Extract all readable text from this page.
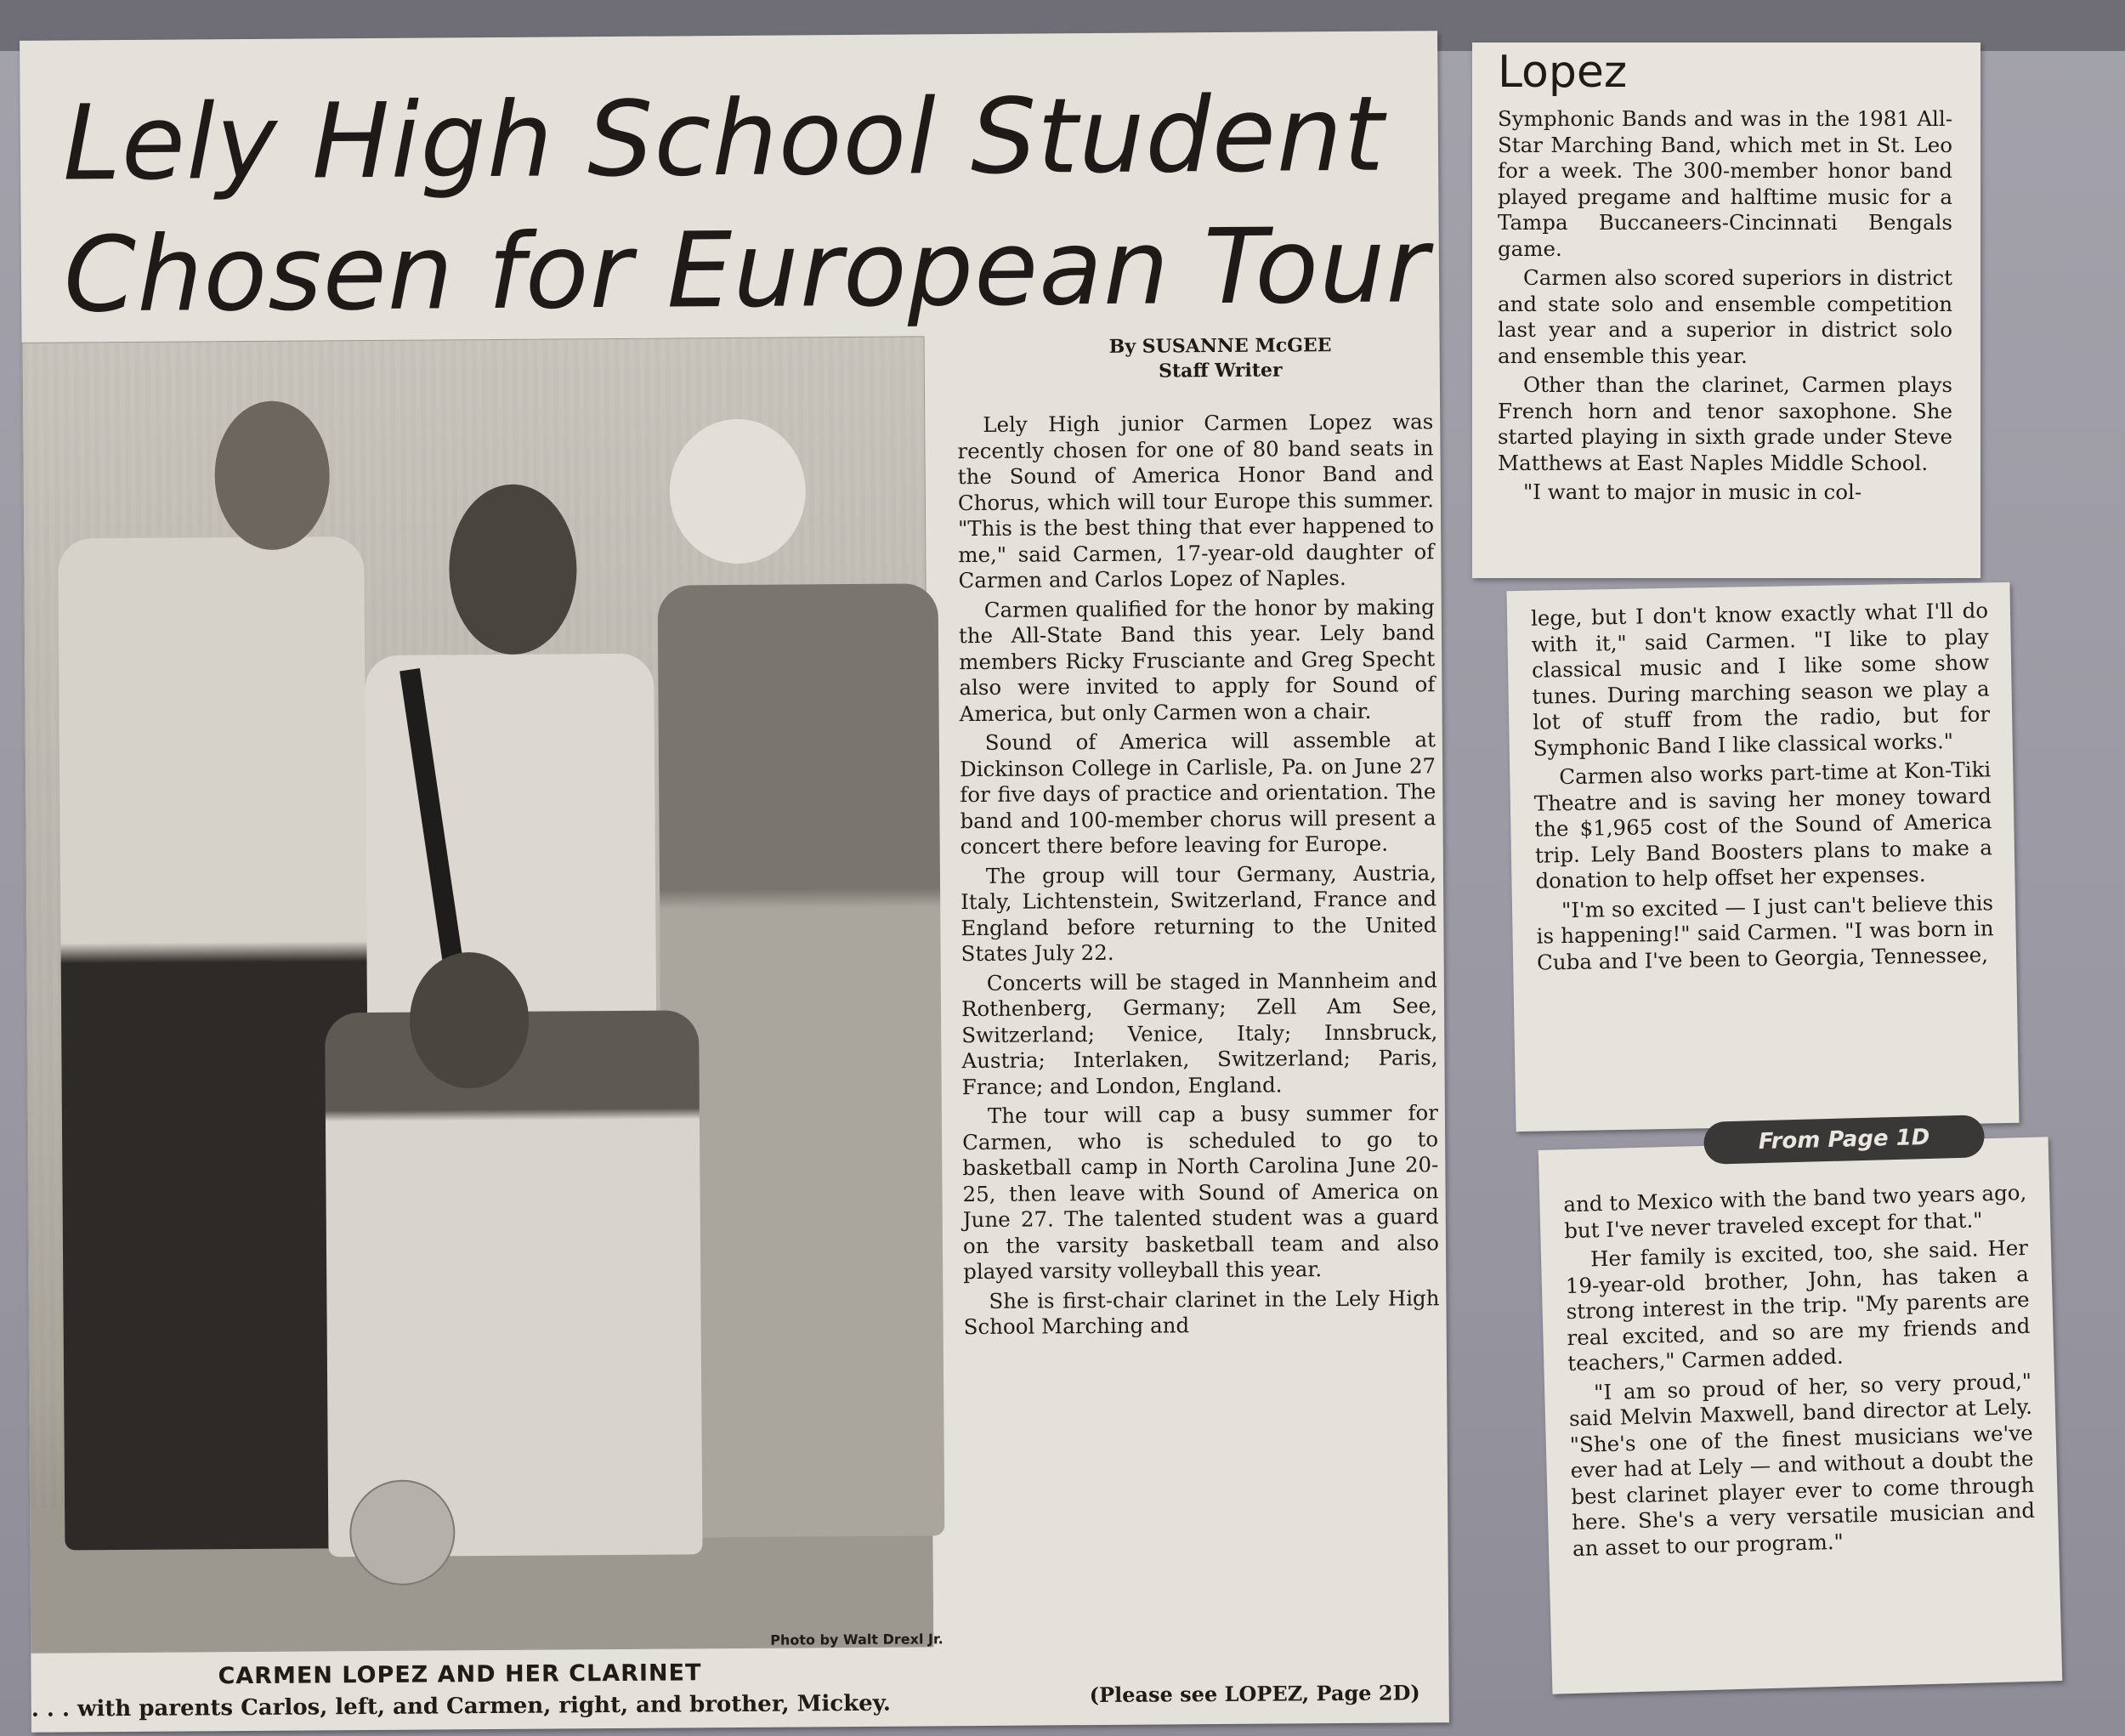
Lely High School Student
Chosen for European Tour
Photo by Walt Drexl Jr.
CARMEN LOPEZ AND HER CLARINET
. . . with parents Carlos, left, and Carmen, right, and brother, Mickey.
By SUSANNE McGEE
Staff Writer

Lely High junior Carmen Lopez was recently chosen for one of 80 band seats in the Sound of America Honor Band and Chorus, which will tour Europe this summer. "This is the best thing that ever happened to me," said Carmen, 17-year-old daughter of Carmen and Carlos Lopez of Naples.

Carmen qualified for the honor by making the All-State Band this year. Lely band members Ricky Frusciante and Greg Specht also were invited to apply for Sound of America, but only Carmen won a chair.

Sound of America will assemble at Dickinson College in Carlisle, Pa. on June 27 for five days of practice and orientation. The band and 100-member chorus will present a concert there before leaving for Europe.

The group will tour Germany, Austria, Italy, Lichtenstein, Switzerland, France and England before returning to the United States July 22.

Concerts will be staged in Mannheim and Rothenberg, Germany; Zell Am See, Switzerland; Venice, Italy; Innsbruck, Austria; Interlaken, Switzerland; Paris, France; and London, England.

The tour will cap a busy summer for Carmen, who is scheduled to go to basketball camp in North Carolina June 20-25, then leave with Sound of America on June 27. The talented student was a guard on the varsity basketball team and also played varsity volleyball this year.

She is first-chair clarinet in the Lely High School Marching and

(Please see LOPEZ, Page 2D)
Lopez

Symphonic Bands and was in the 1981 All-Star Marching Band, which met in St. Leo for a week. The 300-member honor band played pregame and halftime music for a Tampa Buccaneers-Cincinnati Bengals game.

Carmen also scored superiors in district and state solo and ensemble competition last year and a superior in district solo and ensemble this year.

Other than the clarinet, Carmen plays French horn and tenor saxophone. She started playing in sixth grade under Steve Matthews at East Naples Middle School.

"I want to major in music in col-

lege, but I don't know exactly what I'll do with it," said Carmen. "I like to play classical music and I like some show tunes. During marching season we play a lot of stuff from the radio, but for Symphonic Band I like classical works."

Carmen also works part-time at Kon-Tiki Theatre and is saving her money toward the $1,965 cost of the Sound of America trip. Lely Band Boosters plans to make a donation to help offset her expenses.

"I'm so excited — I just can't believe this is happening!" said Carmen. "I was born in Cuba and I've been to Georgia, Tennessee,

From Page 1D

and to Mexico with the band two years ago, but I've never traveled except for that."

Her family is excited, too, she said. Her 19-year-old brother, John, has taken a strong interest in the trip. "My parents are real excited, and so are my friends and teachers," Carmen added.

"I am so proud of her, so very proud," said Melvin Maxwell, band director at Lely. "She's one of the finest musicians we've ever had at Lely — and without a doubt the best clarinet player ever to come through here. She's a very versatile musician and an asset to our program."
